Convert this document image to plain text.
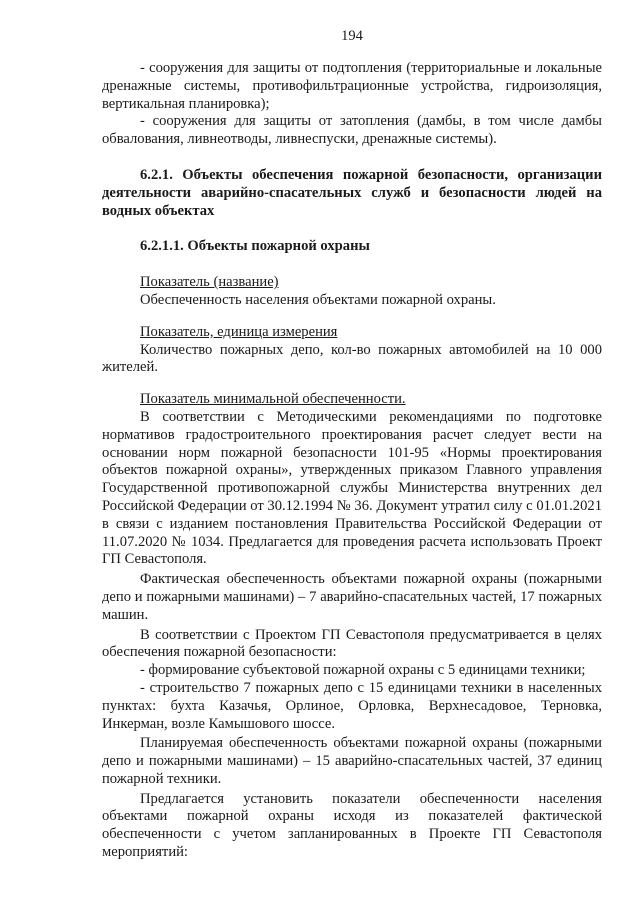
194

- сооружения для защиты от подтопления (территориальные и локальные дренажные системы, противофильтрационные устройства, гидроизоляция, вертикальная планировка);

- сооружения для защиты от затопления (дамбы, в том числе дамбы обвалования, ливнеотводы, ливнеспуски, дренажные системы).

6.2.1. Объекты обеспечения пожарной безопасности, организации деятельности аварийно-спасательных служб и безопасности людей на водных объектах

6.2.1.1. Объекты пожарной охраны

Показатель (название)

Обеспеченность населения объектами пожарной охраны.

Показатель, единица измерения

Количество пожарных депо, кол-во пожарных автомобилей на 10 000 жителей.

Показатель минимальной обеспеченности.

В соответствии с Методическими рекомендациями по подготовке нормативов градостроительного проектирования расчет следует вести на основании норм пожарной безопасности 101-95 «Нормы проектирования объектов пожарной охраны», утвержденных приказом Главного управления Государственной противопожарной службы Министерства внутренних дел Российской Федерации от 30.12.1994 № 36. Документ утратил силу с 01.01.2021 в связи с изданием постановления Правительства Российской Федерации от 11.07.2020 № 1034. Предлагается для проведения расчета использовать Проект ГП Севастополя.

Фактическая обеспеченность объектами пожарной охраны (пожарными депо и пожарными машинами) – 7 аварийно-спасательных частей, 17 пожарных машин.

В соответствии с Проектом ГП Севастополя предусматривается в целях обеспечения пожарной безопасности:

- формирование субъектовой пожарной охраны с 5 единицами техники;

- строительство 7 пожарных депо с 15 единицами техники в населенных пунктах: бухта Казачья, Орлиное, Орловка, Верхнесадовое, Терновка, Инкерман, возле Камышового шоссе.

Планируемая обеспеченность объектами пожарной охраны (пожарными депо и пожарными машинами) – 15 аварийно-спасательных частей, 37 единиц пожарной техники.

Предлагается установить показатели обеспеченности населения объектами пожарной охраны исходя из показателей фактической обеспеченности с учетом запланированных в Проекте ГП Севастополя мероприятий:
